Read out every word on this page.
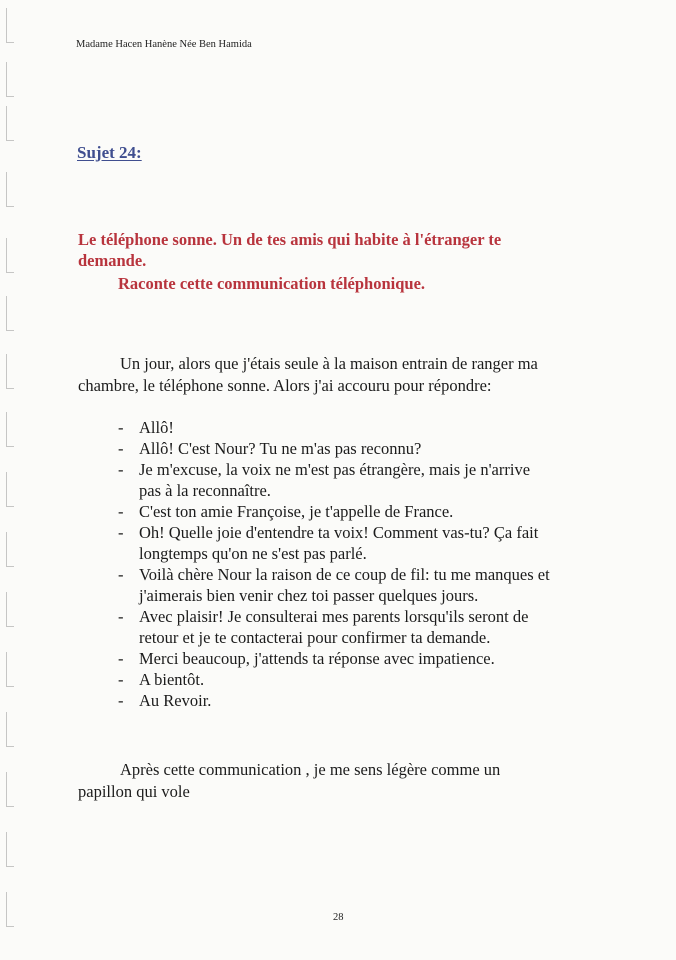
Madame Hacen Hanène Née Ben Hamida
Sujet 24:
Le téléphone sonne. Un de tes amis qui habite à l'étranger te
demande.
Raconte cette communication téléphonique.
Un jour, alors que j'étais seule à la maison entrain de ranger ma
chambre, le téléphone sonne. Alors j'ai accouru pour répondre:
- Allô!
- Allô! C'est Nour? Tu ne m'as pas reconnu?
- Je m'excuse, la voix ne m'est pas étrangère, mais je n'arrive
pas à la reconnaître.
- C'est ton amie Françoise, je t'appelle de France.
- Oh! Quelle joie d'entendre ta voix! Comment vas-tu? Ça fait
longtemps qu'on ne s'est pas parlé.
- Voilà chère Nour la raison de ce coup de fil: tu me manques et
j'aimerais bien venir chez toi passer quelques jours.
- Avec plaisir! Je consulterai mes parents lorsqu'ils seront de
retour et je te contacterai pour confirmer ta demande.
- Merci beaucoup, j'attends ta réponse avec impatience.
- A bientôt.
- Au Revoir.
Après cette communication , je me sens légère comme un
papillon qui vole
28
